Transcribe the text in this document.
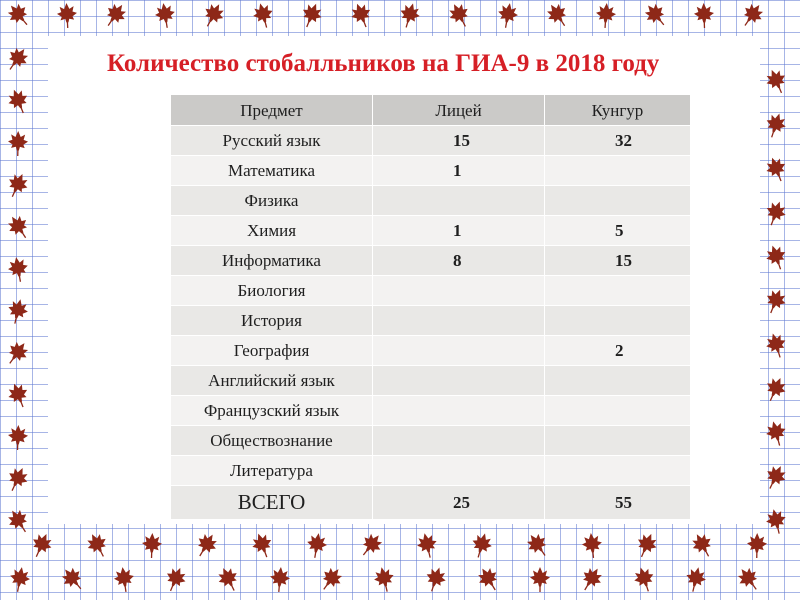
Количество стобалльников на ГИА-9 в 2018 году
Предмет	Лицей	Кунгур
Русский язык	15	32
Математика	1	
Физика		
Химия	1	5
Информатика	8	15
Биология		
История		
География		2
Английский язык		
Французский язык		
Обществознание		
Литература		
ВСЕГО	25	55
